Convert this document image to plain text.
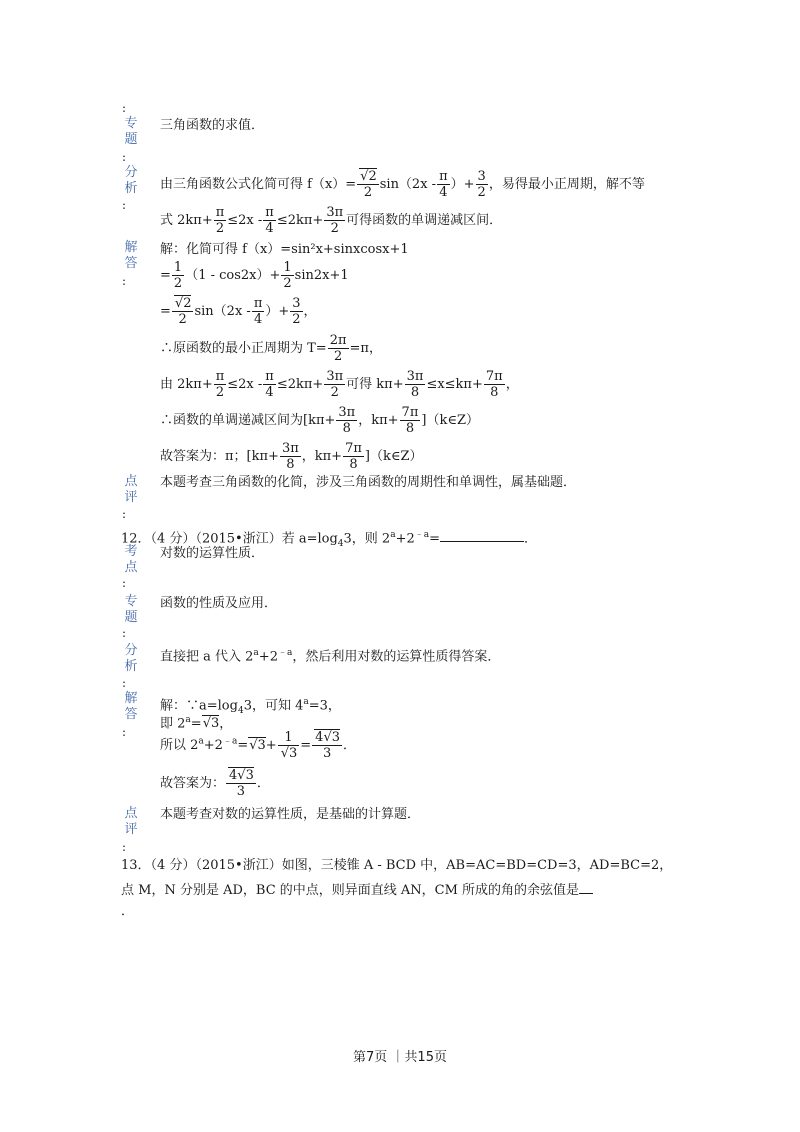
:
专
题
:
三角函数的求值．
分
析
:
由三角函数公式化简可得 $f(x)= \frac{√2}{2} \sin(2x - \frac{\pi}{4}$ ）+ $\frac{3}{2}$ ，易得最小正周期，解不等
式 $2k\pi+ \frac{\pi}{2} \le 2x - \frac{\pi}{4} \le 2k\pi+ \frac{3\pi}{2}$ 可得函数的单调递减区间．
解
答
:
解：化简可得 f（x）=sin²x+sinxcosx+1
= $\frac{1}{2} (1 - \cos 2x)+ \frac{1}{2} \sin 2x+1$
= $\frac{√2}{2} \sin(2x - \frac{\pi}{4}$ ）+ $\frac{3}{2}$ ，
∴原函数的最小正周期为 $T= \frac{2\pi}{2} =\pi$，
由 $2k\pi+ \frac{\pi}{2} \le 2x - \frac{\pi}{4} \le 2k\pi+ \frac{3\pi}{2}$ 可得 $k\pi+ \frac{3\pi}{8} \le x\le k\pi+ \frac{7\pi}{8}$ ，
∴函数的单调递减区间为[$k\pi+ \frac{3\pi}{8}$ ，$k\pi+ \frac{7\pi}{8}$ ]（k∈Z）
故答案为：π；[$k\pi+ \frac{3\pi}{8}$ ，$k\pi+ \frac{7\pi}{8}$ ]（k∈Z）
点
评
:
本题考查三角函数的化简，涉及三角函数的周期性和单调性，属基础题．
12．（4 分）（2015•浙江）若 $a=\log_43$，则 $2^a+2^{﹣a}=$	．
考
点
:
对数的运算性质．
专
题
:
函数的性质及应用．
分
析
:
直接把 a 代入 $2^a+2^{﹣a}$，然后利用对数的运算性质得答案．
解
答
:
解：$\because a=\log_43$，可知 $4^a=3$，
即 $2^a=√3$，
所以 $2^a+2^{﹣a}=√3+ \frac{1}{√3} = \frac{4√3}{3}$ ．
故答案为： $\frac{4√3}{3}$ ．
点
评
:
本题考查对数的运算性质，是基础的计算题．
13．（4 分）（2015•浙江）如图，三棱锥 A - BCD 中，AB=AC=BD=CD=3，AD=BC=2，
点 M，N 分别是 AD，BC 的中点，则异面直线 AN，CM 所成的角的余弦值是
．
第7页 ｜共15页
